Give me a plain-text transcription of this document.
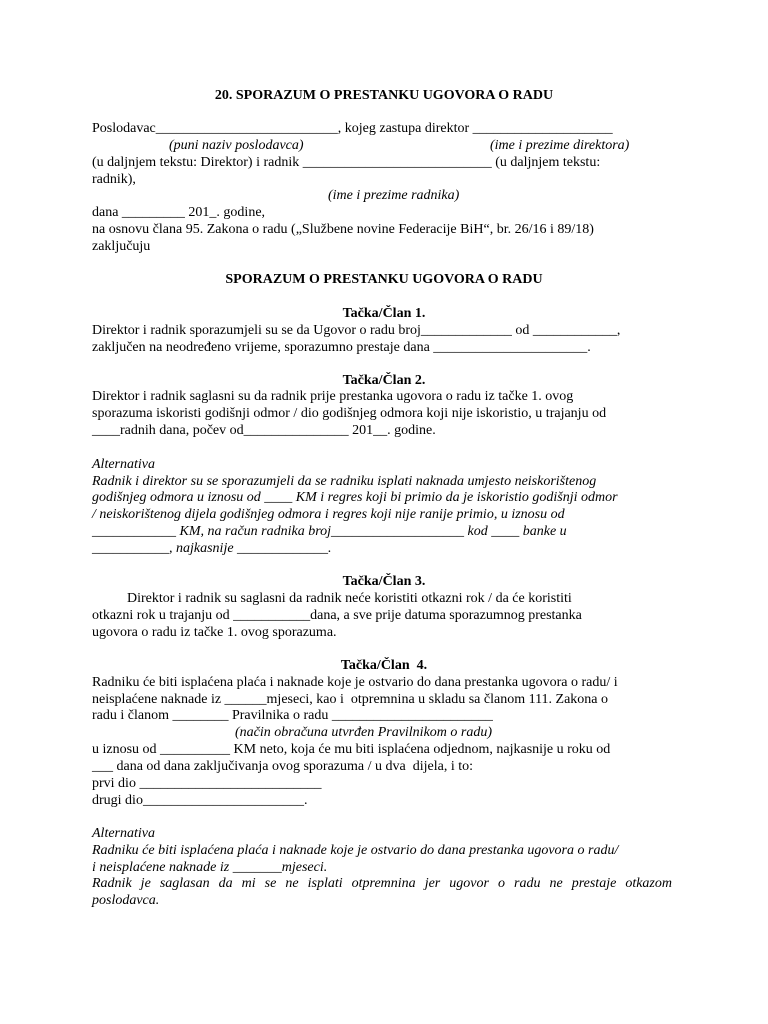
20. SPORAZUM O PRESTANKU UGOVORA O RADU
Poslodavac__________________________, kojeg zastupa direktor ____________________
(puni naziv poslodavca)	(ime i prezime direktora)
(u daljnjem tekstu: Direktor) i radnik ___________________________ (u daljnjem tekstu:
radnik),
(ime i prezime radnika)
dana _________ 201_. godine,
na osnovu člana 95. Zakona o radu („Službene novine Federacije BiH“, br. 26/16 i 89/18)
zaključuju
SPORAZUM O PRESTANKU UGOVORA O RADU
Tačka/Član 1.
Direktor i radnik sporazumjeli su se da Ugovor o radu broj_____________ od ____________,
zaključen na neodređeno vrijeme, sporazumno prestaje dana ______________________.
Tačka/Član 2.
Direktor i radnik saglasni su da radnik prije prestanka ugovora o radu iz tačke 1. ovog
sporazuma iskoristi godišnji odmor / dio godišnjeg odmora koji nije iskoristio, u trajanju od
____radnih dana, počev od_______________ 201__. godine.
Alternativa
Radnik i direktor su se sporazumjeli da se radniku isplati naknada umjesto neiskorištenog
godišnjeg odmora u iznosu od ____ KM i regres koji bi primio da je iskoristio godišnji odmor
/ neiskorištenog dijela godišnjeg odmora i regres koji nije ranije primio, u iznosu od
____________ KM, na račun radnika broj___________________ kod ____ banke u
___________, najkasnije _____________.
Tačka/Član 3.
Direktor i radnik su saglasni da radnik neće koristiti otkazni rok / da će koristiti
otkazni rok u trajanju od ___________dana, a sve prije datuma sporazumnog prestanka
ugovora o radu iz tačke 1. ovog sporazuma.
Tačka/Član  4.
Radniku će biti isplaćena plaća i naknade koje je ostvario do dana prestanka ugovora o radu/ i
neisplaćene naknade iz ______mjeseci, kao i  otpremnina u skladu sa članom 111. Zakona o
radu i članom ________ Pravilnika o radu _______________________
(način obračuna utvrđen Pravilnikom o radu)
u iznosu od __________ KM neto, koja će mu biti isplaćena odjednom, najkasnije u roku od
___ dana od dana zaključivanja ovog sporazuma / u dva  dijela, i to:
prvi dio __________________________
drugi dio_______________________.
Alternativa
Radniku će biti isplaćena plaća i naknade koje je ostvario do dana prestanka ugovora o radu/
i neisplaćene naknade iz _______mjeseci.
Radnik je saglasan da mi se ne isplati otpremnina jer ugovor o radu ne prestaje otkazom
poslodavca.
